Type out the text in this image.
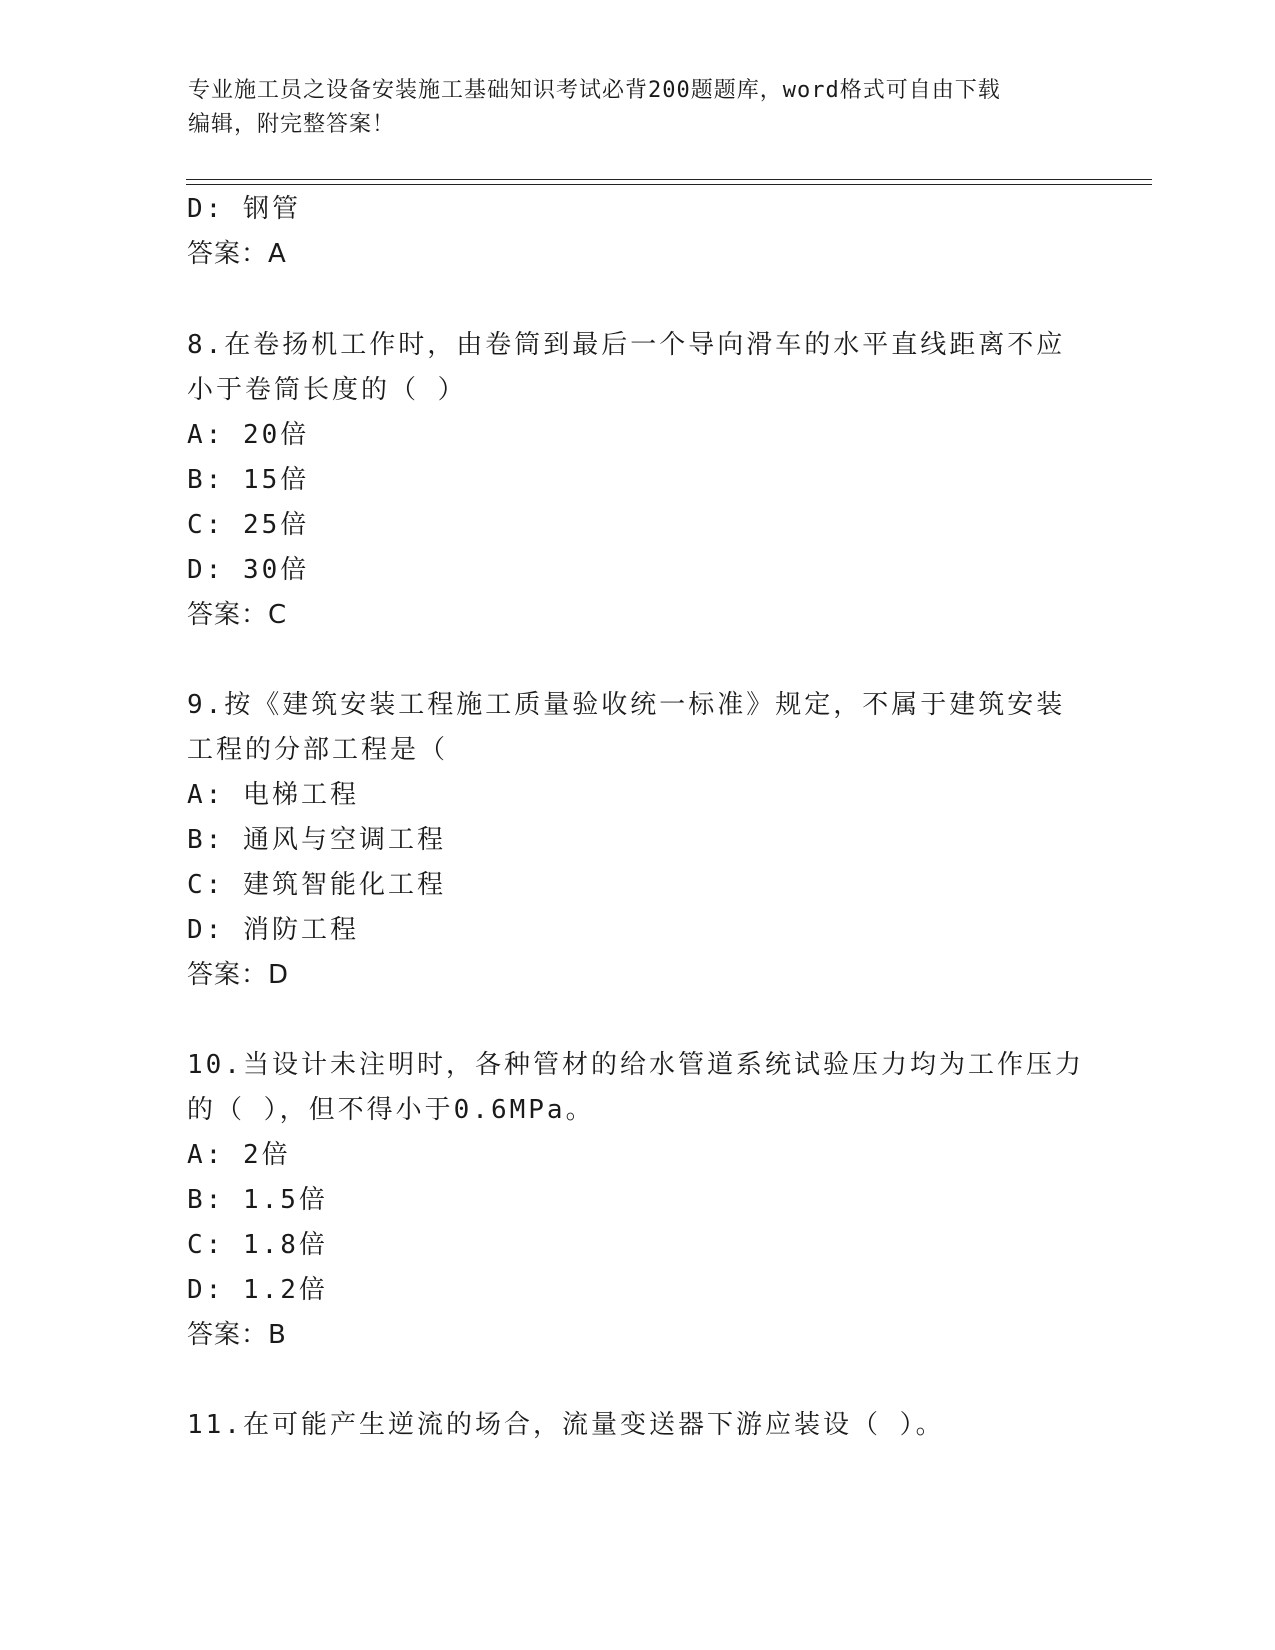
专业施工员之设备安装施工基础知识考试必背200题题库，word格式可自由下载
编辑，附完整答案！
D: 钢管
答案：A
8.在卷扬机工作时，由卷筒到最后一个导向滑车的水平直线距离不应
小于卷筒长度的（ ）
A: 20倍
B: 15倍
C: 25倍
D: 30倍
答案：C
9.按《建筑安装工程施工质量验收统一标准》规定，不属于建筑安装
工程的分部工程是（
A: 电梯工程
B: 通风与空调工程
C: 建筑智能化工程
D: 消防工程
答案：D
10.当设计未注明时，各种管材的给水管道系统试验压力均为工作压力
的（ ），但不得小于0.6MPa。
A: 2倍
B: 1.5倍
C: 1.8倍
D: 1.2倍
答案：B
11.在可能产生逆流的场合，流量变送器下游应装设（ ）。
